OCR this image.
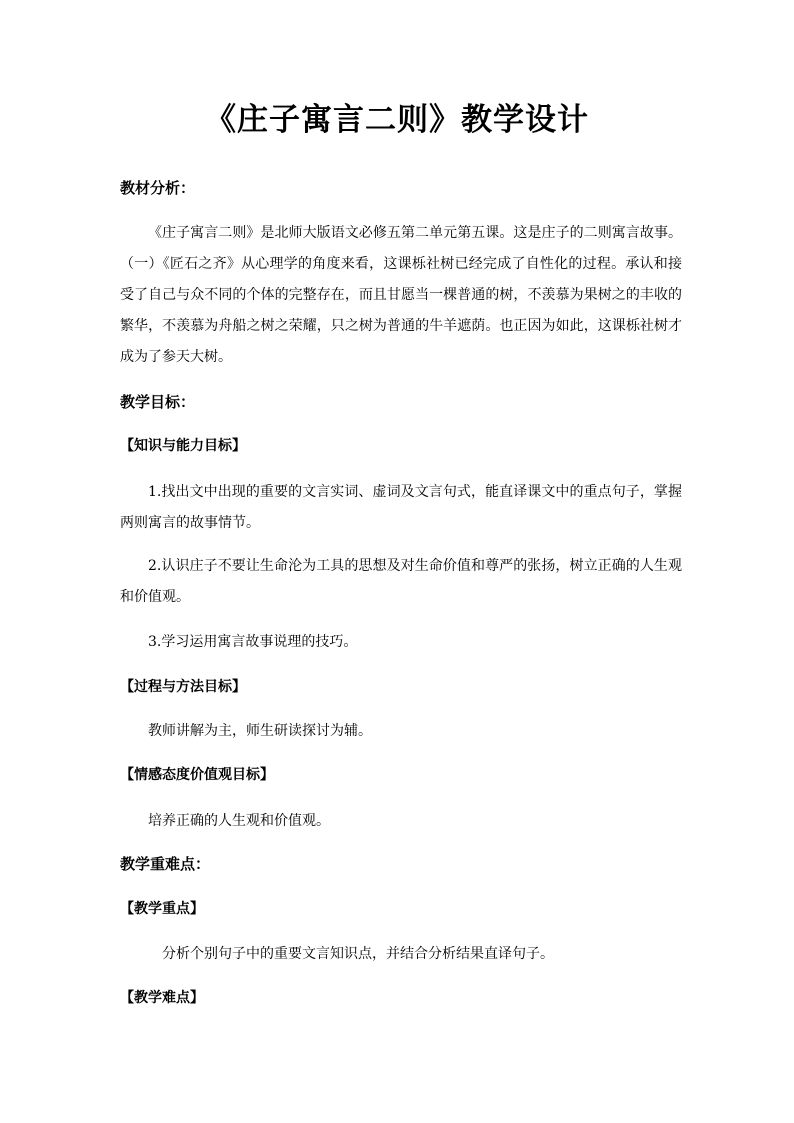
《庄子寓言二则》教学设计
教材分析：
《庄子寓言二则》是北师大版语文必修五第二单元第五课。这是庄子的二则寓言故事。（一）《匠石之齐》从心理学的角度来看，这课栎社树已经完成了自性化的过程。承认和接受了自己与众不同的个体的完整存在，而且甘愿当一棵普通的树，不羡慕为果树之的丰收的繁华，不羡慕为舟船之树之荣耀，只之树为普通的牛羊遮荫。也正因为如此，这课栎社树才成为了参天大树。
教学目标：
【知识与能力目标】
1.找出文中出现的重要的文言实词、虚词及文言句式，能直译课文中的重点句子，掌握两则寓言的故事情节。
2.认识庄子不要让生命沦为工具的思想及对生命价值和尊严的张扬，树立正确的人生观和价值观。
3.学习运用寓言故事说理的技巧。
【过程与方法目标】
教师讲解为主，师生研读探讨为辅。
【情感态度价值观目标】
培养正确的人生观和价值观。
教学重难点：
【教学重点】
分析个别句子中的重要文言知识点，并结合分析结果直译句子。
【教学难点】
